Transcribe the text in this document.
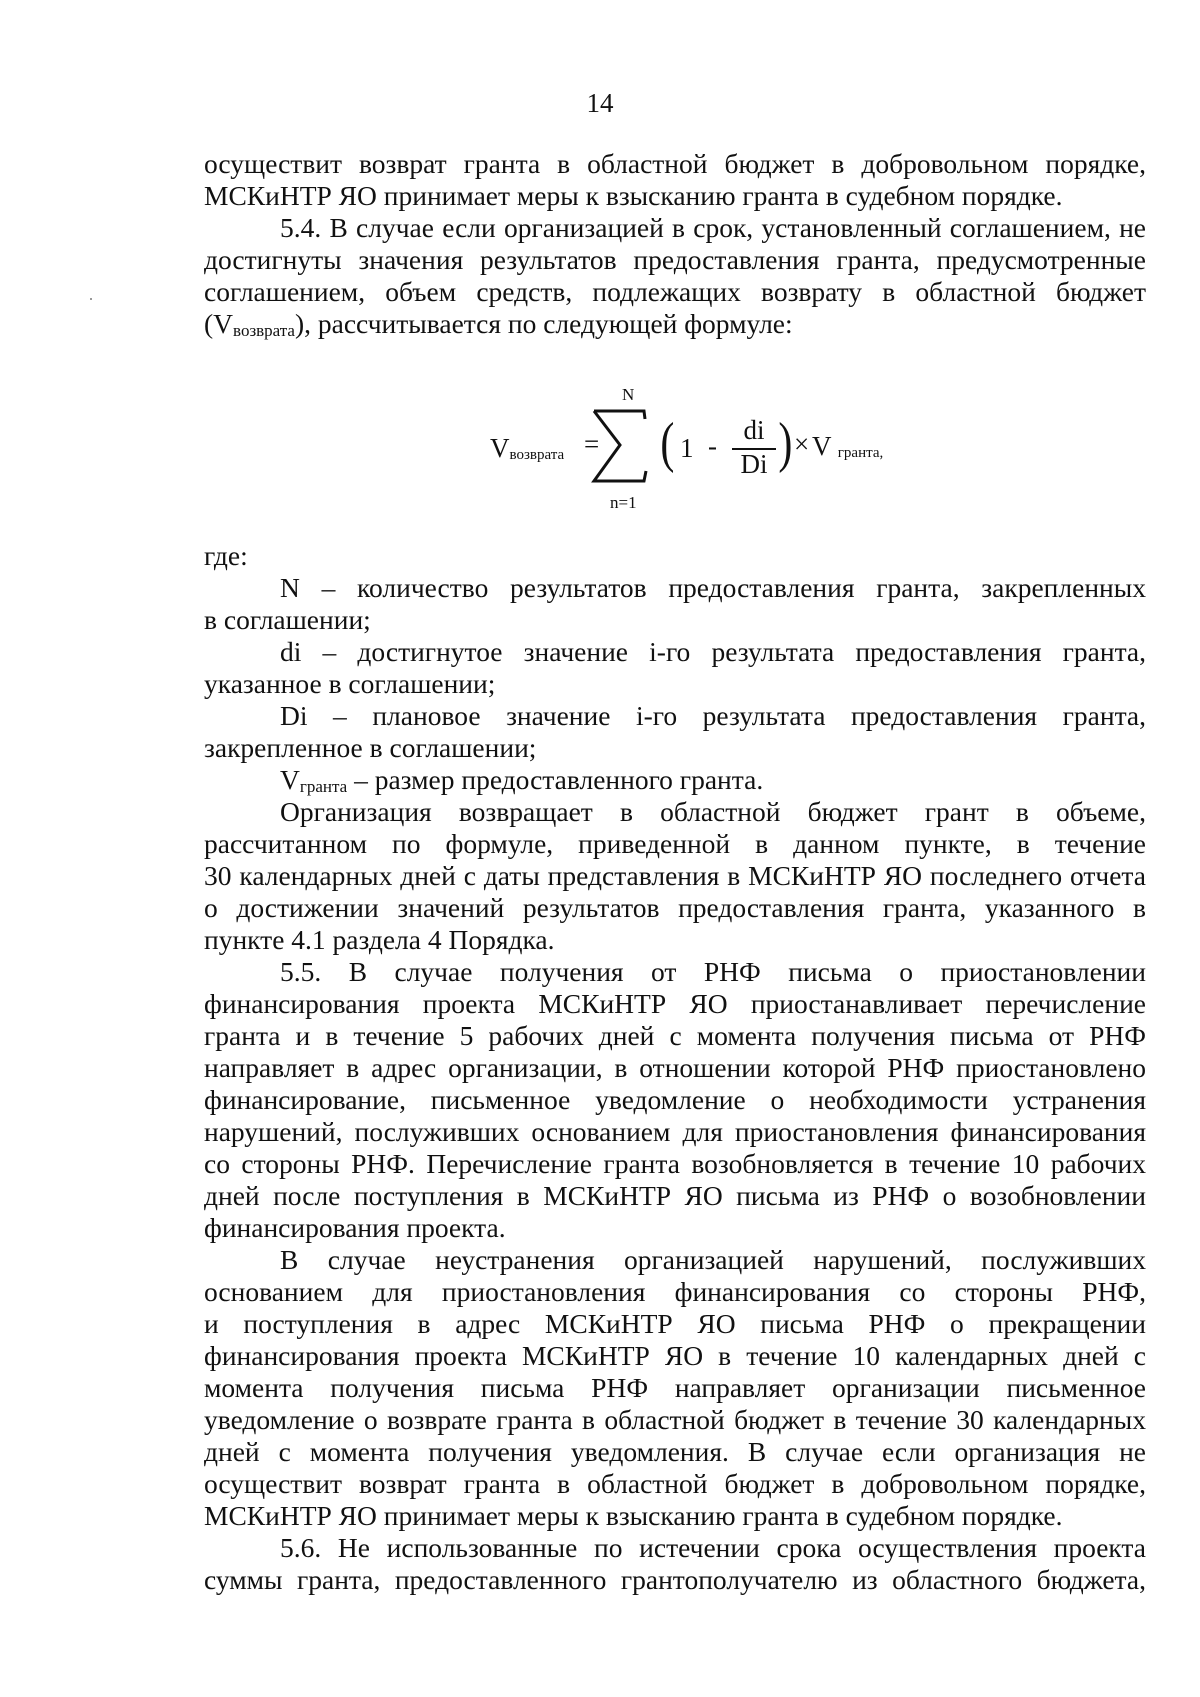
14
осуществит возврат гранта в областной бюджет в добровольном порядке,
МСКиНТР ЯО принимает меры к взысканию гранта в судебном порядке.
5.4. В случае если организацией в срок, установленный соглашением, не
достигнуты значения результатов предоставления гранта, предусмотренные
соглашением, объем средств, подлежащих возврату в областной бюджет
$(V_{возврата})$, рассчитывается по следующей формуле:
$V_{возврата}$ =
N
n=1
( 1 -
di
Di ) × V $_{гранта,}$
где:
N – количество результатов предоставления гранта, закрепленных
в соглашении;
di – достигнутое значение i-го результата предоставления гранта,
указанное в соглашении;
Di – плановое значение i-го результата предоставления гранта,
закрепленное в соглашении;
$V_{гранта}$ – размер предоставленного гранта.
Организация возвращает в областной бюджет грант в объеме,
рассчитанном по формуле, приведенной в данном пункте, в течение
30 календарных дней с даты представления в МСКиНТР ЯО последнего отчета
о достижении значений результатов предоставления гранта, указанного в
пункте 4.1 раздела 4 Порядка.
5.5. В случае получения от РНФ письма о приостановлении
финансирования проекта МСКиНТР ЯО приостанавливает перечисление
гранта и в течение 5 рабочих дней с момента получения письма от РНФ
направляет в адрес организации, в отношении которой РНФ приостановлено
финансирование, письменное уведомление о необходимости устранения
нарушений, послуживших основанием для приостановления финансирования
со стороны РНФ. Перечисление гранта возобновляется в течение 10 рабочих
дней после поступления в МСКиНТР ЯО письма из РНФ о возобновлении
финансирования проекта.
В случае неустранения организацией нарушений, послуживших
основанием для приостановления финансирования со стороны РНФ,
и поступления в адрес МСКиНТР ЯО письма РНФ о прекращении
финансирования проекта МСКиНТР ЯО в течение 10 календарных дней с
момента получения письма РНФ направляет организации письменное
уведомление о возврате гранта в областной бюджет в течение 30 календарных
дней с момента получения уведомления. В случае если организация не
осуществит возврат гранта в областной бюджет в добровольном порядке,
МСКиНТР ЯО принимает меры к взысканию гранта в судебном порядке.
5.6. Не использованные по истечении срока осуществления проекта
суммы гранта, предоставленного грантополучателю из областного бюджета,
